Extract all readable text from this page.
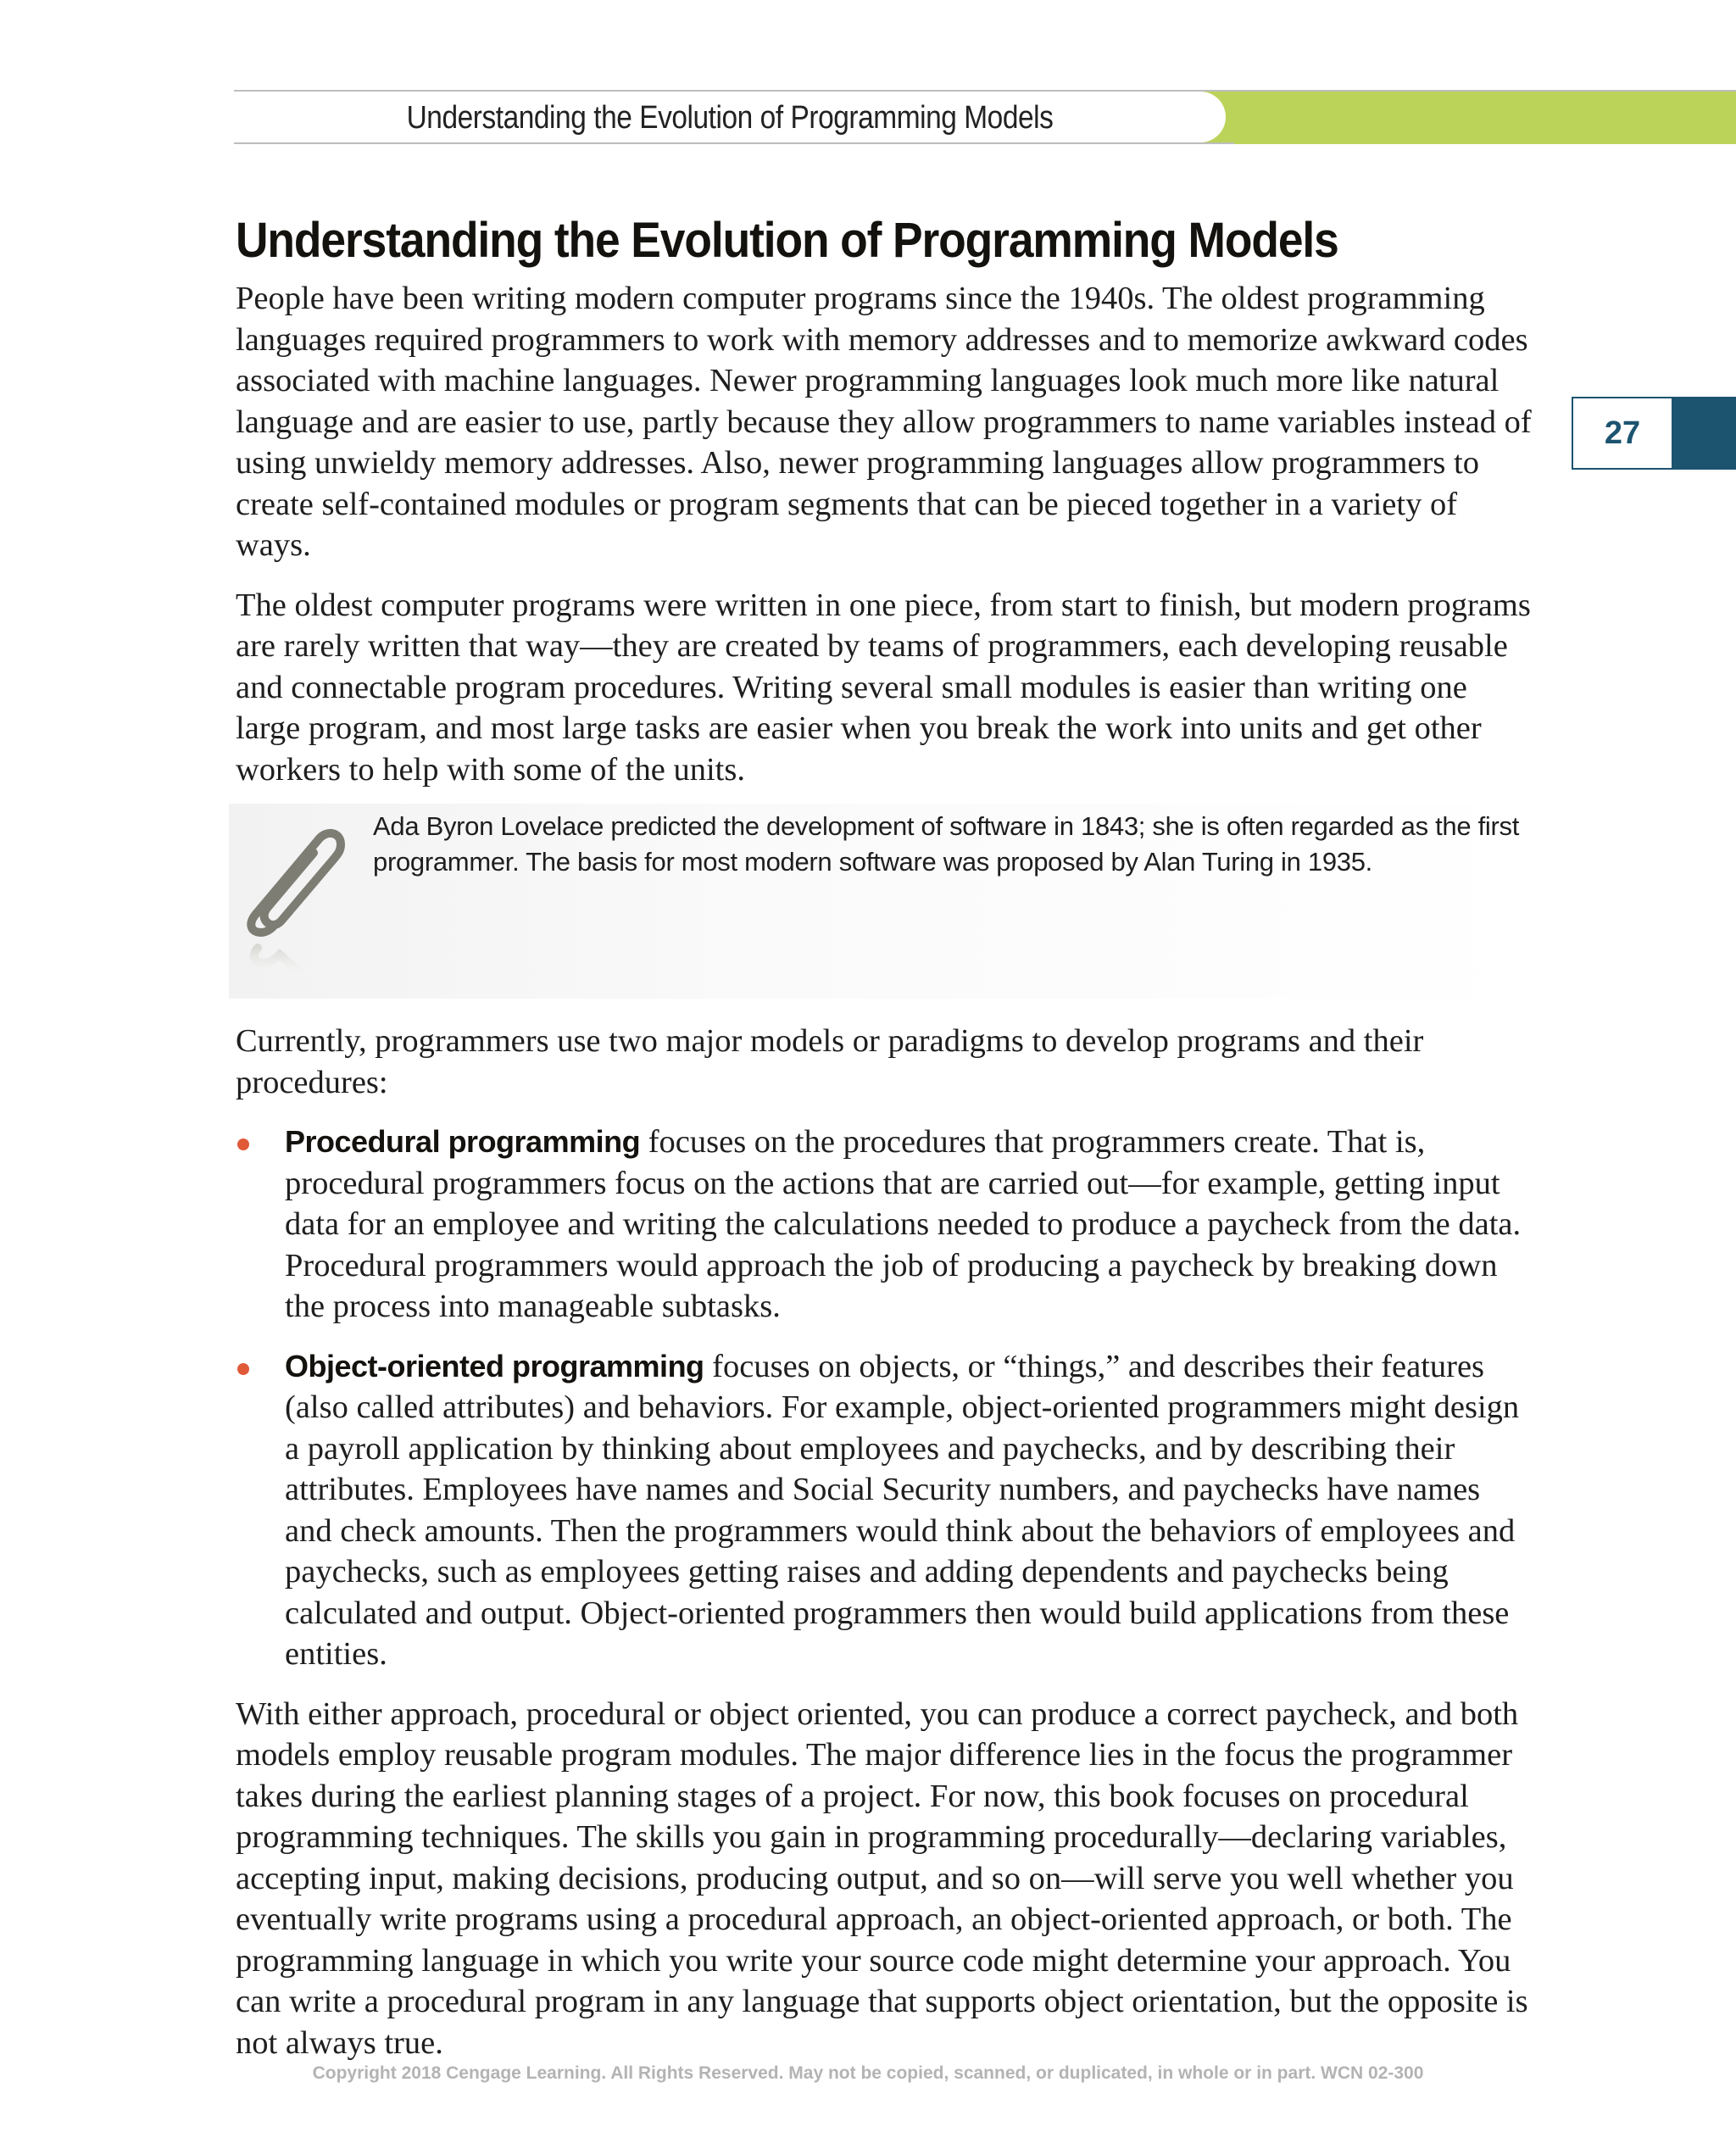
Understanding the Evolution of Programming Models
27
Understanding the Evolution of Programming Models

People have been writing modern computer programs since the 1940s. The oldest programming languages required programmers to work with memory addresses and to memorize awkward codes associated with machine languages. Newer programming languages look much more like natural language and are easier to use, partly because they allow programmers to name variables instead of using unwieldy memory addresses. Also, newer programming languages allow programmers to create self-contained modules or program segments that can be pieced together in a variety of ways.

The oldest computer programs were written in one piece, from start to finish, but modern programs are rarely written that way—they are created by teams of programmers, each developing reusable and connectable program procedures. Writing several small modules is easier than writing one large program, and most large tasks are easier when you break the work into units and get other workers to help with some of the units.

Ada Byron Lovelace predicted the development of software in 1843; she is often regarded as the first programmer. The basis for most modern software was proposed by Alan Turing in 1935.

Currently, programmers use two major models or paradigms to develop programs and their procedures:

Procedural programming focuses on the procedures that programmers create. That is, procedural programmers focus on the actions that are carried out—for example, getting input data for an employee and writing the calculations needed to produce a paycheck from the data. Procedural programmers would approach the job of producing a paycheck by breaking down the process into manageable subtasks.
Object-oriented programming focuses on objects, or “things,” and describes their features (also called attributes) and behaviors. For example, object-oriented programmers might design a payroll application by thinking about employees and paychecks, and by describing their attributes. Employees have names and Social Security numbers, and paychecks have names and check amounts. Then the programmers would think about the behaviors of employees and paychecks, such as employees getting raises and adding dependents and paychecks being calculated and output. Object-oriented programmers then would build applications from these entities.

With either approach, procedural or object oriented, you can produce a correct paycheck, and both models employ reusable program modules. The major difference lies in the focus the programmer takes during the earliest planning stages of a project. For now, this book focuses on procedural programming techniques. The skills you gain in programming procedurally—declaring variables, accepting input, making decisions, producing output, and so on—will serve you well whether you eventually write programs using a procedural approach, an object-oriented approach, or both. The programming language in which you write your source code might determine your approach. You can write a procedural program in any language that supports object orientation, but the opposite is not always true.

Copyright 2018 Cengage Learning. All Rights Reserved. May not be copied, scanned, or duplicated, in whole or in part. WCN 02-300
